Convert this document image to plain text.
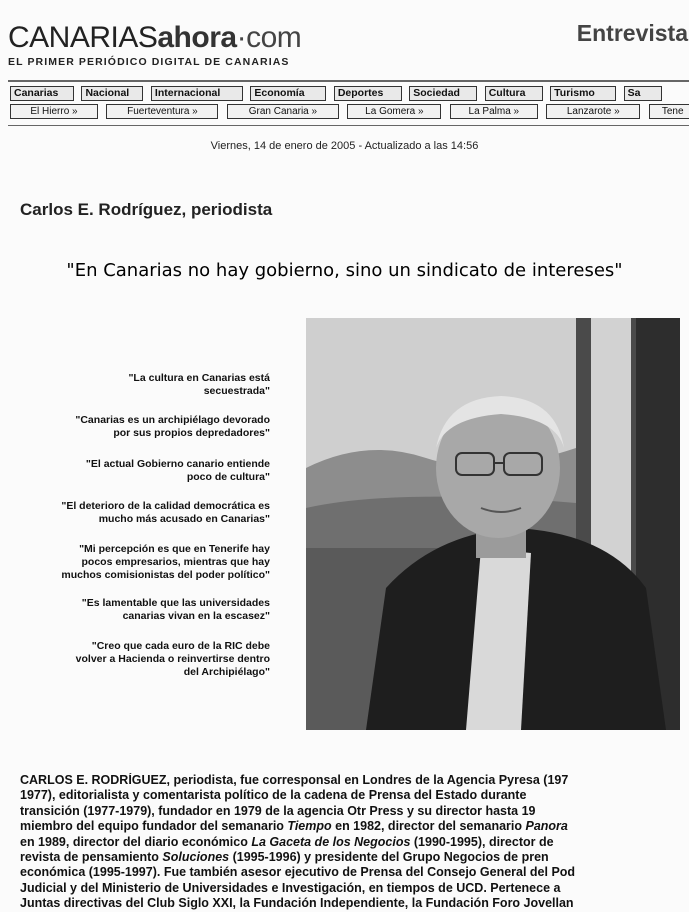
CANARIASahora·com
EL PRIMER PERIÓDICO DIGITAL DE CANARIAS
Entrevista
Canarias	Nacional Internacional	Economía	Deportes	Sociedad	Cultura	Turismo	Sa
El Hierro »	Fuerteventura »	Gran Canaria »	La Gomera »	La Palma »	Lanzarote »	Tene
Viernes, 14 de enero de 2005 - Actualizado a las 14:56
Carlos E. Rodríguez, periodista
"En Canarias no hay gobierno, sino un sindicato de intereses"
"La cultura en Canarias está
secuestrada"
"Canarias es un archipiélago devorado
por sus propios depredadores"
"El actual Gobierno canario entiende
poco de cultura"
"El deterioro de la calidad democrática es
mucho más acusado en Canarias"
"Mi percepción es que en Tenerife hay
pocos empresarios, mientras que hay
muchos comisionistas del poder político"
"Es lamentable que las universidades
canarias vivan en la escasez"
"Creo que cada euro de la RIC debe
volver a Hacienda o reinvertirse dentro
del Archipiélago"

CARLOS E. RODRÍGUEZ, periodista, fue corresponsal en Londres de la Agencia Pyresa (197

1977), editorialista y comentarista político de la cadena de Prensa del Estado durante

transición (1977-1979), fundador en 1979 de la agencia Otr Press y su director hasta 19

miembro del equipo fundador del semanario Tiempo en 1982, director del semanario Panora

en 1989, director del diario económico La Gaceta de los Negocios (1990-1995), director de

revista de pensamiento Soluciones (1995-1996) y presidente del Grupo Negocios de pren

económica (1995-1997). Fue también asesor ejecutivo de Prensa del Consejo General del Pod

Judicial y del Ministerio de Universidades e Investigación, en tiempos de UCD. Pertenece a

Juntas directivas del Club Siglo XXI, la Fundación Independiente, la Fundación Foro Jovellan
